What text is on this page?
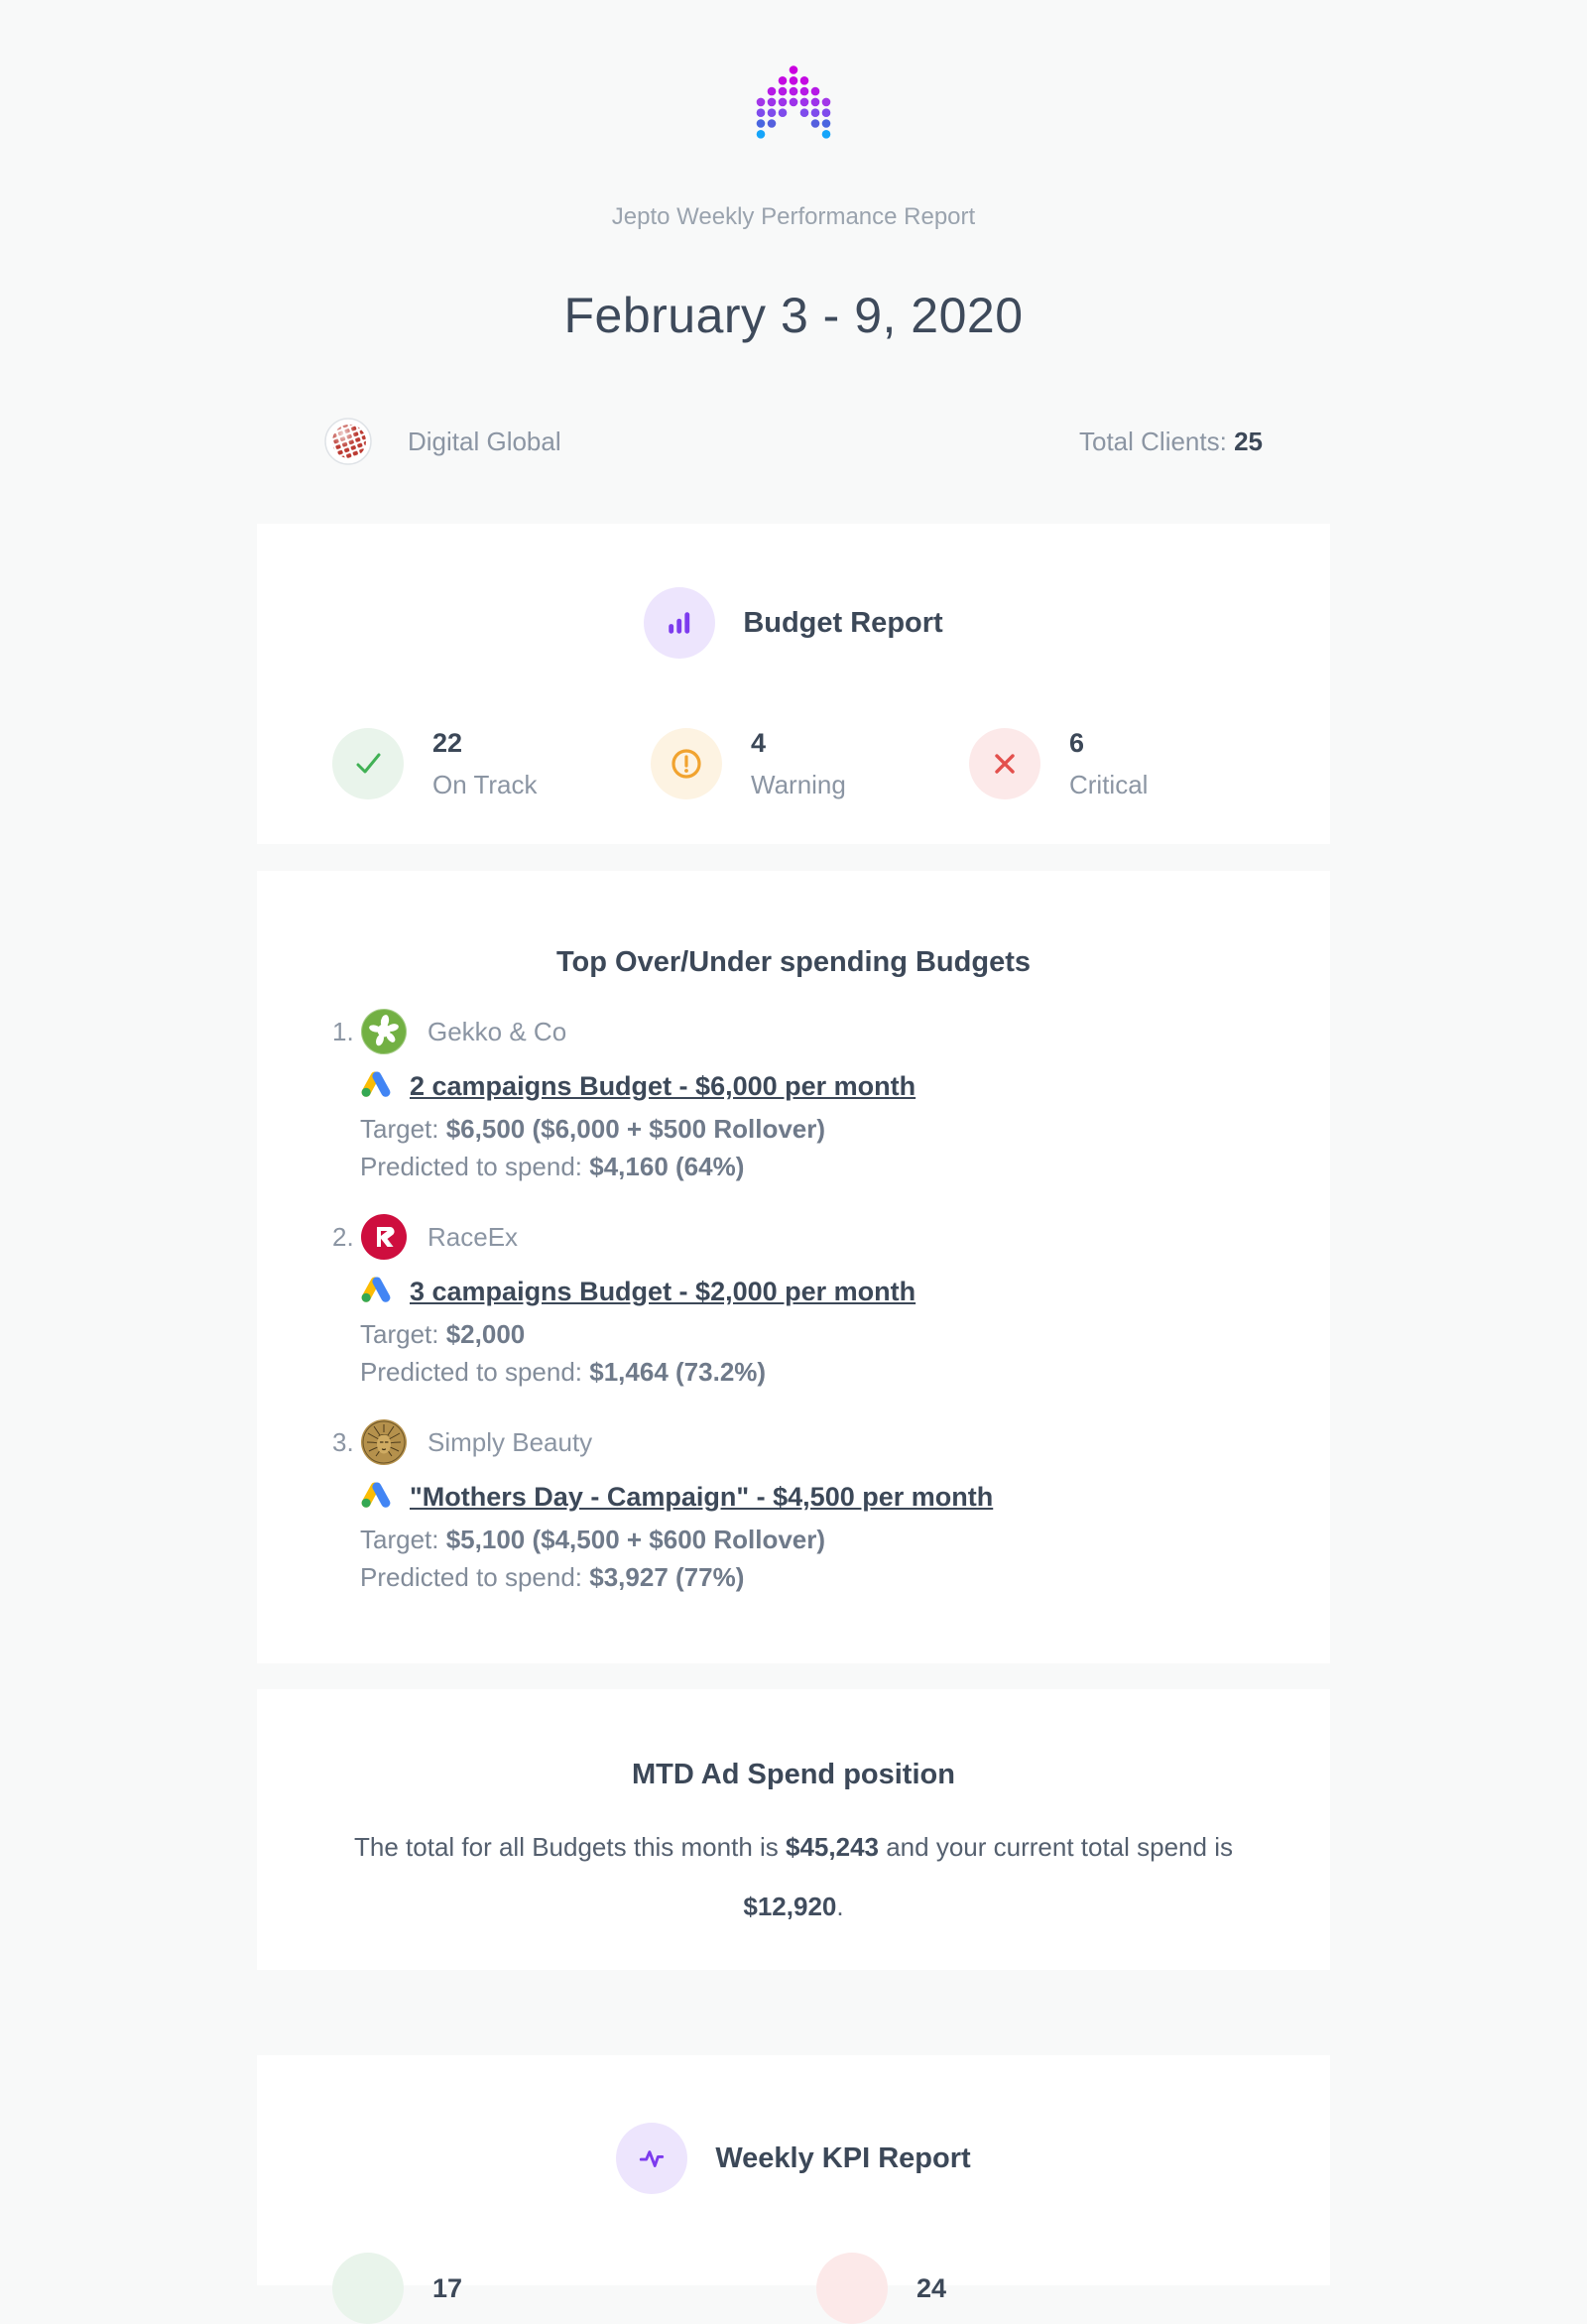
Jepto Weekly Performance Report
February 3 - 9, 2020
Digital Global	Total Clients: 25
Budget Report
22
On Track
4
Warning
6
Critical
Top Over/Under spending Budgets
1.	Gekko & Co
2 campaigns Budget - $6,000 per month
Target: $6,500 ($6,000 + $500 Rollover)
Predicted to spend: $4,160 (64%)
2.	RaceEx
3 campaigns Budget - $2,000 per month
Target: $2,000
Predicted to spend: $1,464 (73.2%)
3.	Simply Beauty
"Mothers Day - Campaign" - $4,500 per month
Target: $5,100 ($4,500 + $600 Rollover)
Predicted to spend: $3,927 (77%)
MTD Ad Spend position
The total for all Budgets this month is $45,243 and your current total spend is $12,920.
Weekly KPI Report
17	24
